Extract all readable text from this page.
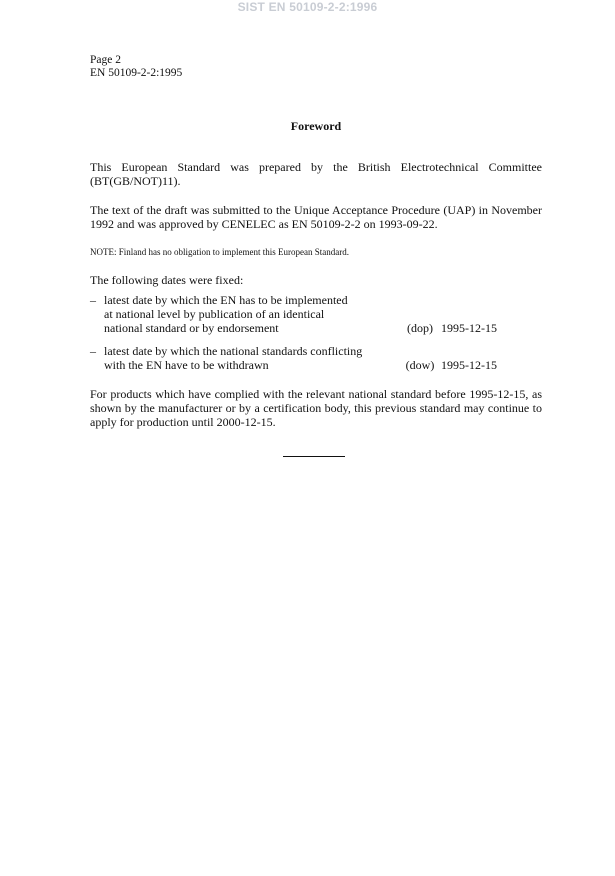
SIST EN 50109-2-2:1996
Page 2
EN 50109-2-2:1995
Foreword
This European Standard was prepared by the British Electrotechnical Committee (BT(GB/NOT)11).
The text of the draft was submitted to the Unique Acceptance Procedure (UAP) in November 1992 and was approved by CENELEC as EN 50109-2-2 on 1993-09-22.
NOTE: Finland has no obligation to implement this European Standard.
The following dates were fixed:
– latest date by which the EN has to be implemented
at national level by publication of an identical
national standard or by endorsement	(dop) 1995-12-15
– latest date by which the national standards conflicting
with the EN have to be withdrawn	(dow) 1995-12-15
For products which have complied with the relevant national standard before 1995-12-15, as shown by the manufacturer or by a certification body, this previous standard may continue to apply for production until 2000-12-15.
